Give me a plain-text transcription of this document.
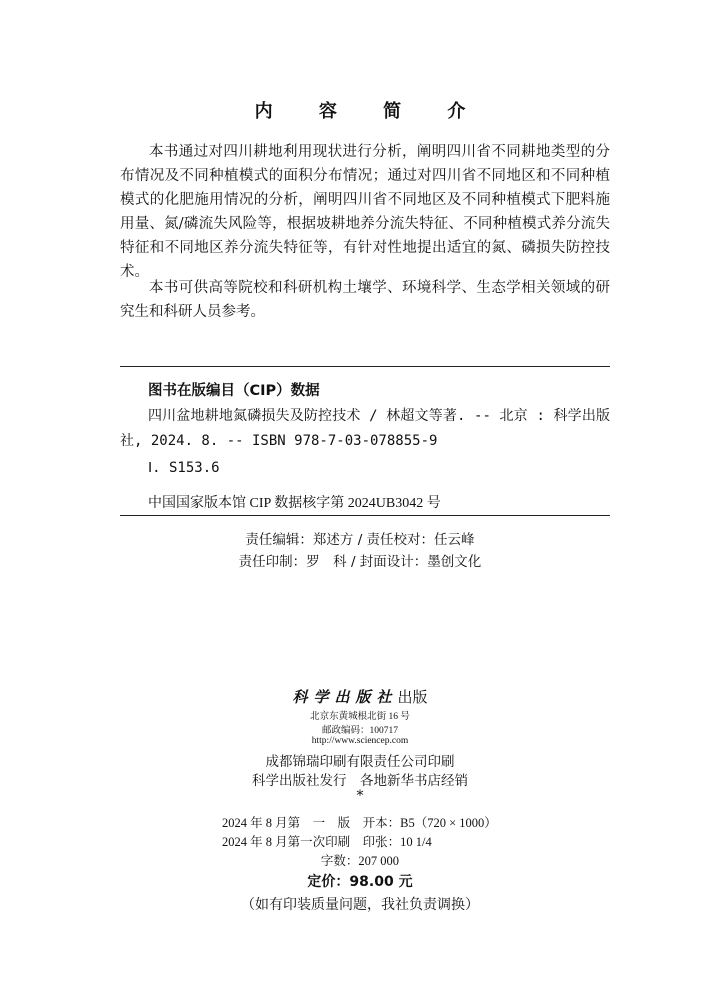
内 容 简 介
本书通过对四川耕地利用现状进行分析，阐明四川省不同耕地类型的分布情况及不同种植模式的面积分布情况；通过对四川省不同地区和不同种植模式的化肥施用情况的分析，阐明四川省不同地区及不同种植模式下肥料施用量、氮/磷流失风险等，根据坡耕地养分流失特征、不同种植模式养分流失特征和不同地区养分流失特征等，有针对性地提出适宜的氮、磷损失防控技术。
本书可供高等院校和科研机构土壤学、环境科学、生态学相关领域的研究生和科研人员参考。
图书在版编目（CIP）数据
四川盆地耕地氮磷损失及防控技术 / 林超文等著. -- 北京 : 科学出版社, 2024. 8. -- ISBN 978-7-03-078855-9
Ⅰ. S153.6
中国国家版本馆 CIP 数据核字第 2024UB3042 号
责任编辑：郑述方 / 责任校对：任云峰
责任印制：罗　科 / 封面设计：墨创文化
科学出版社出版
北京东黄城根北街 16 号
邮政编码：100717
http://www.sciencep.com
成都锦瑞印刷有限责任公司印刷
科学出版社发行　各地新华书店经销
*
2024 年 8 月第　一　版　开本：B5（720 × 1000）
2024 年 8 月第一次印刷　印张：10 1/4
字数：207 000
定价：98.00 元
（如有印装质量问题，我社负责调换）
